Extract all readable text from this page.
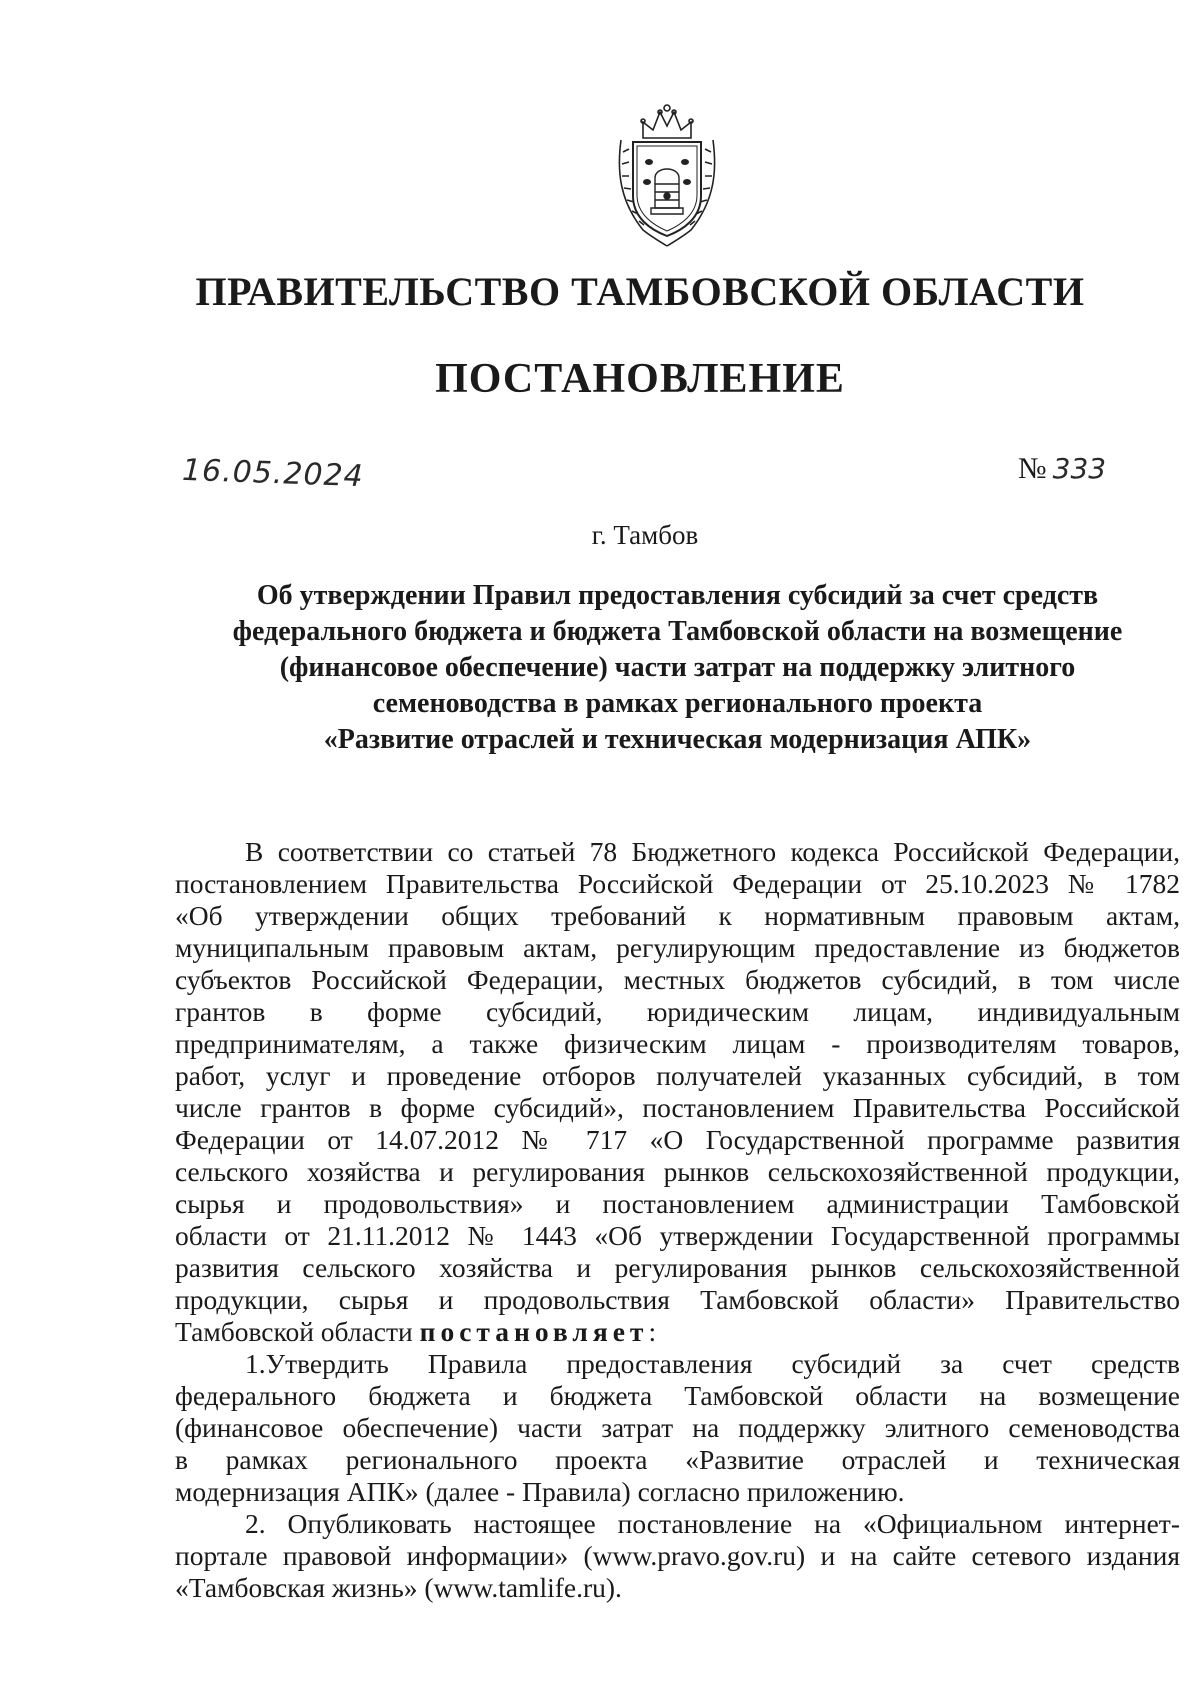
ПРАВИТЕЛЬСТВО ТАМБОВСКОЙ ОБЛАСТИ
ПОСТАНОВЛЕНИЕ
16.05.2024	№ 333
г. Тамбов
Об утверждении Правил предоставления субсидий за счет средств
федерального бюджета и бюджета Тамбовской области на возмещение
(финансовое обеспечение) части затрат на поддержку элитного
семеноводства в рамках регионального проекта
«Развитие отраслей и техническая модернизация АПК»
В соответствии со статьей 78 Бюджетного кодекса Российской Федерации,
постановлением Правительства Российской Федерации от 25.10.2023 № 1782
«Об утверждении общих требований к нормативным правовым актам,
муниципальным правовым актам, регулирующим предоставление из бюджетов
субъектов Российской Федерации, местных бюджетов субсидий, в том числе
грантов в форме субсидий, юридическим лицам, индивидуальным
предпринимателям, а также физическим лицам - производителям товаров,
работ, услуг и проведение отборов получателей указанных субсидий, в том
числе грантов в форме субсидий», постановлением Правительства Российской
Федерации от 14.07.2012 № 717 «О Государственной программе развития
сельского хозяйства и регулирования рынков сельскохозяйственной продукции,
сырья и продовольствия» и постановлением администрации Тамбовской
области от 21.11.2012 № 1443 «Об утверждении Государственной программы
развития сельского хозяйства и регулирования рынков сельскохозяйственной
продукции, сырья и продовольствия Тамбовской области» Правительство
Тамбовской области постановляет:
1.Утвердить Правила предоставления субсидий за счет средств
федерального бюджета и бюджета Тамбовской области на возмещение
(финансовое обеспечение) части затрат на поддержку элитного семеноводства
в рамках регионального проекта «Развитие отраслей и техническая
модернизация АПК» (далее - Правила) согласно приложению.
2. Опубликовать настоящее постановление на «Официальном интернет-
портале правовой информации» (www.pravo.gov.ru) и на сайте сетевого издания
«Тамбовская жизнь» (www.tamlife.ru).
